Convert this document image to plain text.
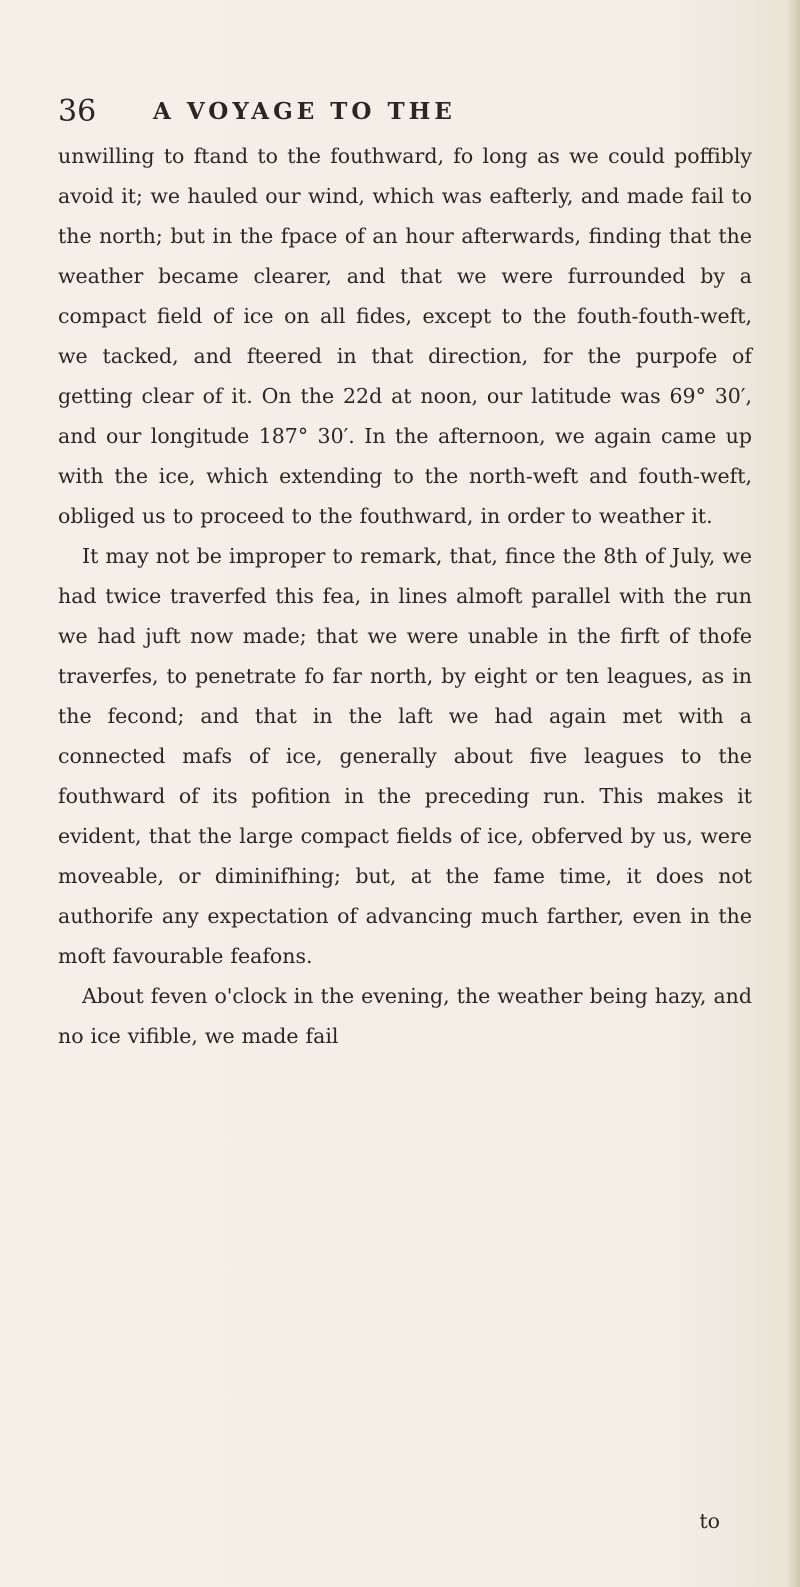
36 A VOYAGE TO THE

unwilling to ftand to the fouthward, fo long as we could poffibly avoid it; we hauled our wind, which was eafterly, and made fail to the north; but in the fpace of an hour afterwards, finding that the weather became clearer, and that we were furrounded by a compact field of ice on all fides, except to the fouth-fouth-weft, we tacked, and fteered in that direction, for the purpofe of getting clear of it. On the 22d at noon, our latitude was 69° 30′, and our longitude 187° 30′. In the afternoon, we again came up with the ice, which extending to the north-weft and fouth-weft, obliged us to proceed to the fouthward, in order to weather it.

It may not be improper to remark, that, fince the 8th of July, we had twice traverfed this fea, in lines almoft parallel with the run we had juft now made; that we were unable in the firft of thofe traverfes, to penetrate fo far north, by eight or ten leagues, as in the fecond; and that in the laft we had again met with a connected mafs of ice, generally about five leagues to the fouthward of its pofition in the preceding run. This makes it evident, that the large compact fields of ice, obferved by us, were moveable, or diminifhing; but, at the fame time, it does not authorife any expectation of advancing much farther, even in the moft favourable feafons.

About feven o'clock in the evening, the weather being hazy, and no ice vifible, we made fail

to
